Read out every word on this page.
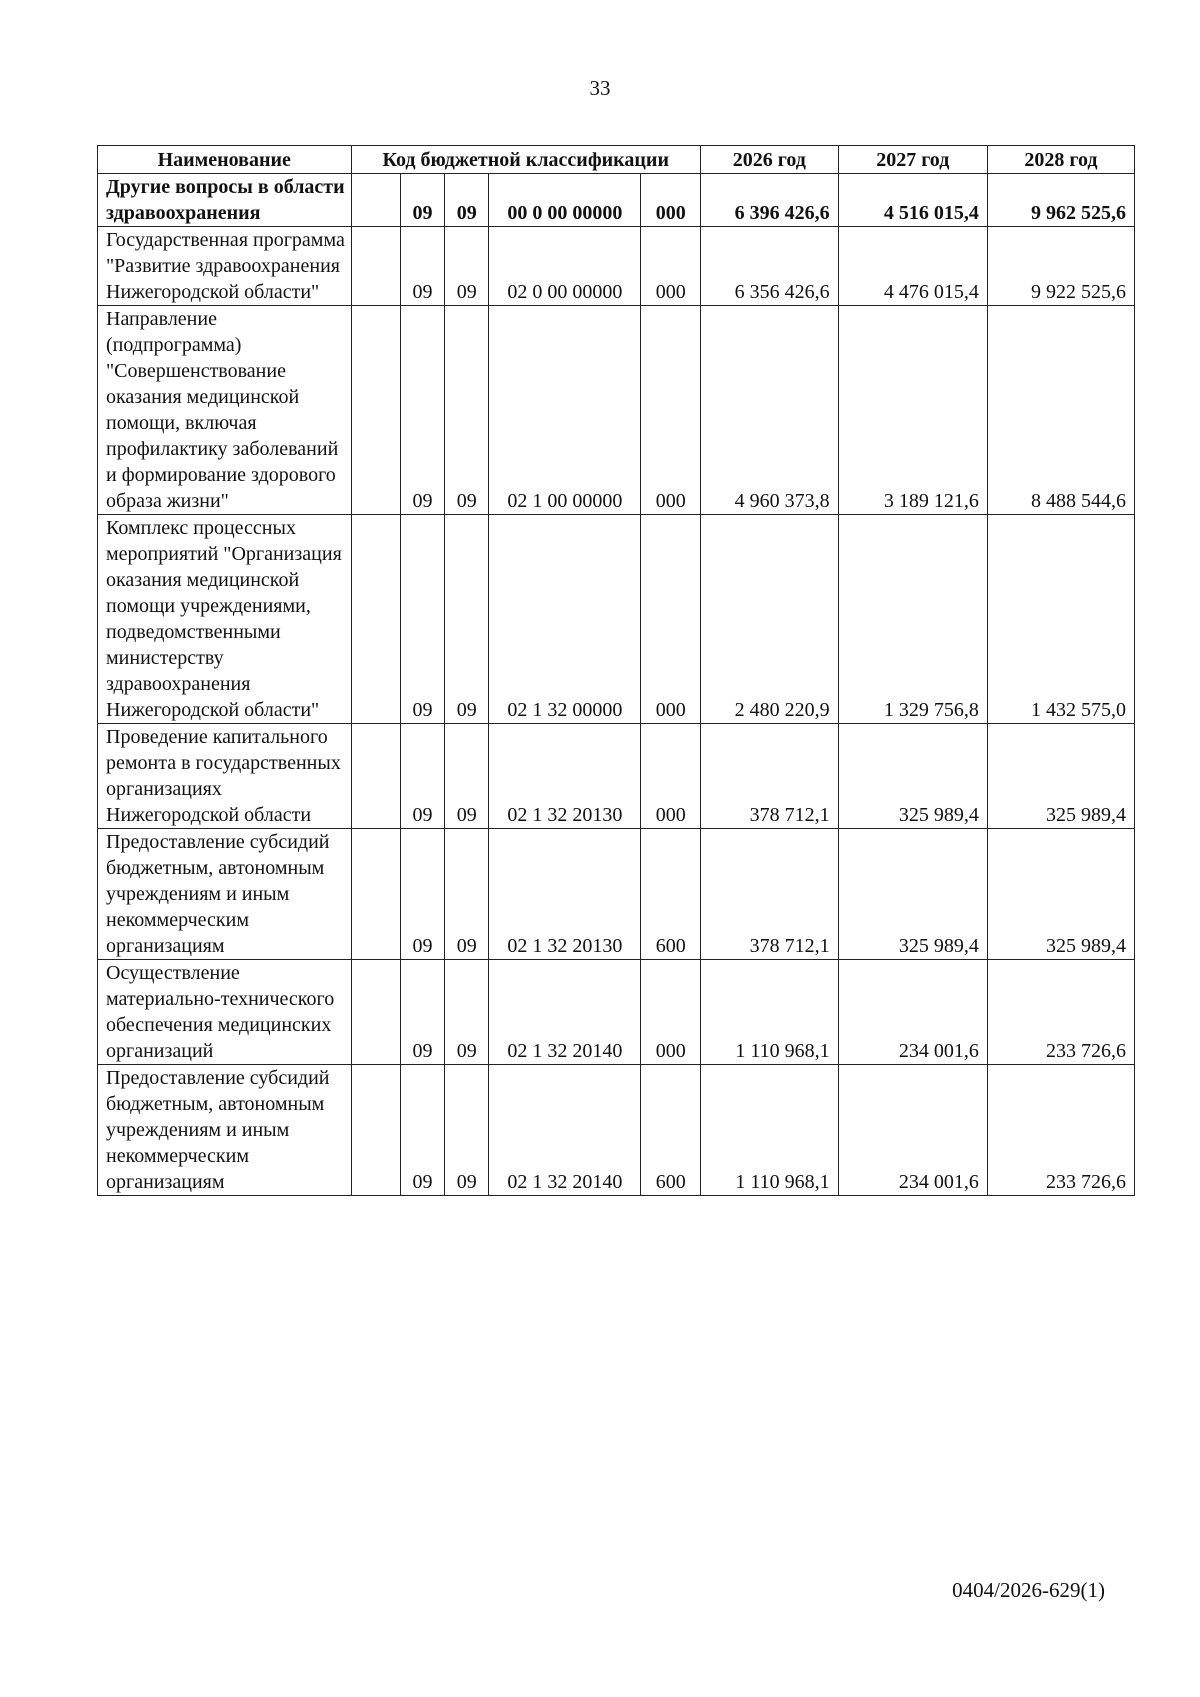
33
Наименование	Код бюджетной классификации					2026 год	2027 год	2028 год
Другие вопросы в области здравоохранения		09	09	00 0 00 00000	000	6 396 426,6	4 516 015,4	9 962 525,6
Государственная программа "Развитие здравоохранения Нижегородской области"		09	09	02 0 00 00000	000	6 356 426,6	4 476 015,4	9 922 525,6
Направление (подпрограмма) "Совершенствование оказания медицинской помощи, включая профилактику заболеваний и формирование здорового образа жизни"		09	09	02 1 00 00000	000	4 960 373,8	3 189 121,6	8 488 544,6
Комплекс процессных мероприятий "Организация оказания медицинской помощи учреждениями, подведомственными министерству здравоохранения Нижегородской области"		09	09	02 1 32 00000	000	2 480 220,9	1 329 756,8	1 432 575,0
Проведение капитального ремонта в государственных организациях Нижегородской области		09	09	02 1 32 20130	000	378 712,1	325 989,4	325 989,4
Предоставление субсидий бюджетным, автономным учреждениям и иным некоммерческим организациям		09	09	02 1 32 20130	600	378 712,1	325 989,4	325 989,4
Осуществление материально-технического обеспечения медицинских организаций		09	09	02 1 32 20140	000	1 110 968,1	234 001,6	233 726,6
Предоставление субсидий бюджетным, автономным учреждениям и иным некоммерческим организациям		09	09	02 1 32 20140	600	1 110 968,1	234 001,6	233 726,6
0404/2026-629(1)
